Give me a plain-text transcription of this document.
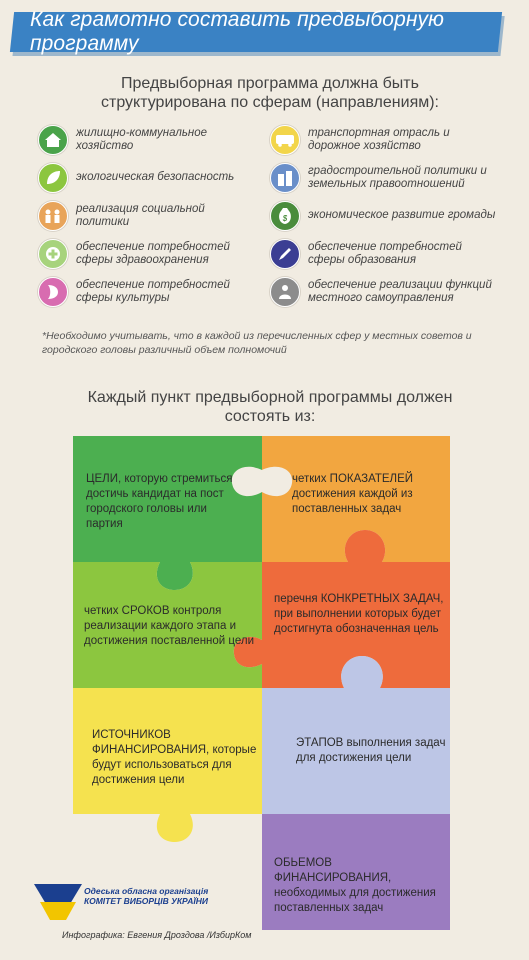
Как грамотно составить предвыборную программу
Предвыборная программа должна быть структурирована по сферам (направлениям):
жилищно-коммунальное хозяйство
экологическая безопасность
реализация социальной политики
обеспечение потребностей сферы здравоохранения
обеспечение потребностей сферы культуры
транспортная отрасль и дорожное хозяйство
градостроительной политики и земельных правоотношений
$ экономическое развитие громады
обеспечение потребностей сферы образования
обеспечение реализации функций местного самоуправления
*Необходимо учитывать, что в каждой из перечисленных сфер у местных советов и городского головы различный объем полномочий
Каждый пункт предвыборной программы должен состоять из:
ЦЕЛИ, которую стремиться достичь кандидат на пост городского головы или партия
четких ПОКАЗАТЕЛЕЙ достижения каждой из поставленных задач
четких СРОКОВ контроля реализации каждого этапа и достижения поставленной цели
перечня КОНКРЕТНЫХ ЗАДАЧ, при выполнении которых будет достигнута обозначенная цель
ИСТОЧНИКОВ ФИНАНСИРОВАНИЯ, которые будут использоваться для достижения цели
ЭТАПОВ выполнения задач для достижения цели
ОБЬЕМОВ ФИНАНСИРОВАНИЯ, необходимых для достижения поставленных задач
Одеська обласна організація
КОМІТЕТ ВИБОРЦІВ УКРАЇНИ
Инфографика: Евгения Дроздова /ИзбирКом
